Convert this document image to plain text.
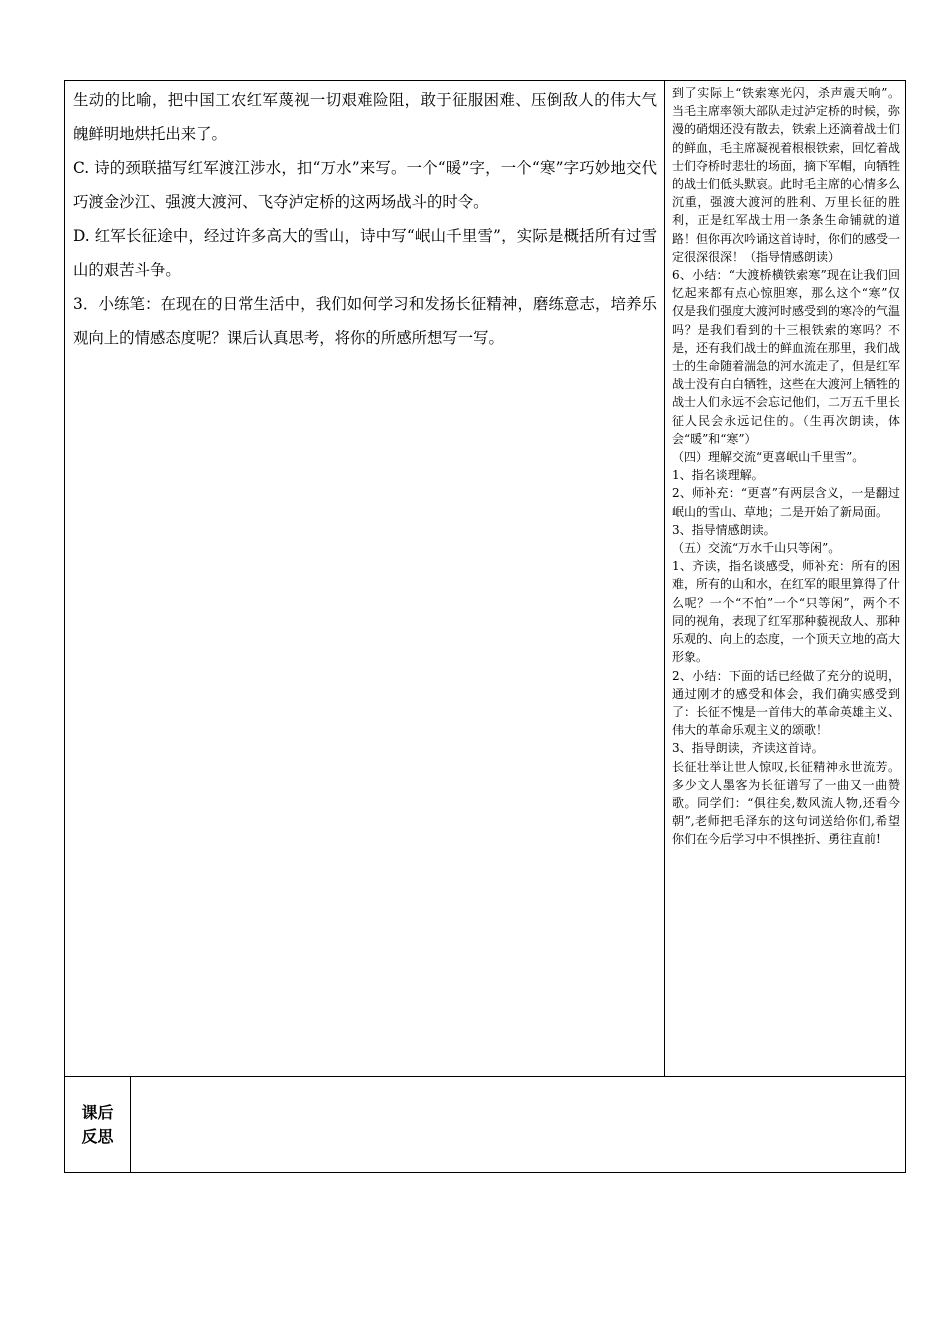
生动的比喻，把中国工农红军蔑视一切艰难险阻，敢于征服困难、压倒敌人的伟大气魄鲜明地烘托出来了。

C. 诗的颈联描写红军渡江涉水，扣“万水”来写。一个“暖”字，一个“寒”字巧妙地交代巧渡金沙江、强渡大渡河、飞夺泸定桥的这两场战斗的时令。

D. 红军长征途中，经过许多高大的雪山，诗中写“岷山千里雪”，实际是概括所有过雪山的艰苦斗争。

3．小练笔：在现在的日常生活中，我们如何学习和发扬长征精神，磨练意志，培养乐观向上的情感态度呢？课后认真思考，将你的所感所想写一写。

到了实际上“铁索寒光闪，杀声震天响”。当毛主席率领大部队走过泸定桥的时候，弥漫的硝烟还没有散去，铁索上还滴着战士们的鲜血，毛主席凝视着根根铁索，回忆着战士们夺桥时悲壮的场面，摘下军帽，向牺牲的战士们低头默哀。此时毛主席的心情多么沉重，强渡大渡河的胜利、万里长征的胜利，正是红军战士用一条条生命铺就的道路！但你再次吟诵这首诗时，你们的感受一定很深很深！（指导情感朗读）

6、小结：“大渡桥横铁索寒”现在让我们回忆起来都有点心惊胆寒，那么这个“寒”仅仅是我们强度大渡河时感受到的寒冷的气温吗？是我们看到的十三根铁索的寒吗？不是，还有我们战士的鲜血流在那里，我们战士的生命随着湍急的河水流走了，但是红军战士没有白白牺牲，这些在大渡河上牺牲的战士人们永远不会忘记他们，二万五千里长征人民会永远记住的。（生再次朗读，体会“暖”和“寒”）

（四）理解交流“更喜岷山千里雪”。

1、指名谈理解。

2、师补充：“更喜”有两层含义，一是翻过岷山的雪山、草地；二是开始了新局面。

3、指导情感朗读。

（五）交流“万水千山只等闲”。

1、齐读，指名谈感受，师补充：所有的困难，所有的山和水，在红军的眼里算得了什么呢？一个“不怕”一个“只等闲”，两个不同的视角，表现了红军那种藐视敌人、那种乐观的、向上的态度，一个顶天立地的高大形象。

2、小结：下面的话已经做了充分的说明，通过刚才的感受和体会，我们确实感受到了：长征不愧是一首伟大的革命英雄主义、伟大的革命乐观主义的颂歌！

3、指导朗读，齐读这首诗。

长征壮举让世人惊叹,长征精神永世流芳。多少文人墨客为长征谱写了一曲又一曲赞歌。同学们：“俱往矣,数风流人物,还看今朝”,老师把毛泽东的这句词送给你们,希望你们在今后学习中不惧挫折、勇往直前!

课后
反思
